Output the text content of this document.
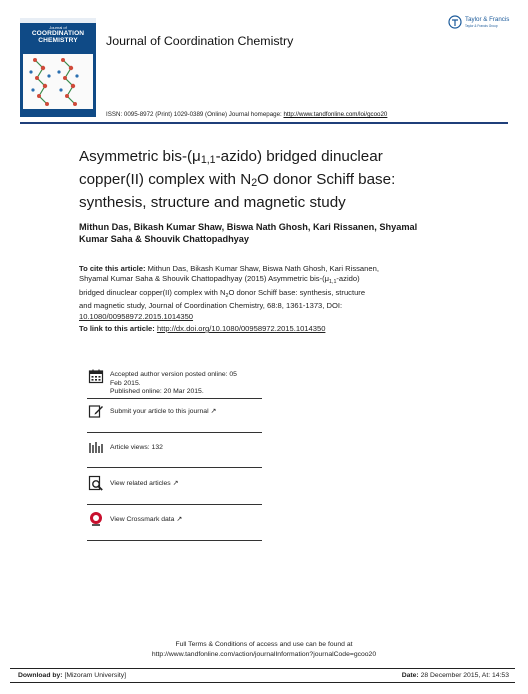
Journal of
COORDINATION
CHEMISTRY	Journal of Coordination Chemistry
Taylor & Francis
Taylor & Francis Group
ISSN: 0095-8972 (Print) 1029-0389 (Online) Journal homepage: http://www.tandfonline.com/loi/gcoo20
Asymmetric bis-$(\mu_{1,1}-azido)$ bridged dinuclear
copper(II) complex with $N_2O$ donor Schiff base:
synthesis, structure and magnetic study
Mithun Das, Bikash Kumar Shaw, Biswa Nath Ghosh, Kari Rissanen, Shyamal
Kumar Saha & Shouvik Chattopadhyay
To cite this article: Mithun Das, Bikash Kumar Shaw, Biswa Nath Ghosh, Kari Rissanen,
Shyamal Kumar Saha & Shouvik Chattopadhyay (2015) Asymmetric bis-$(\mu_{1,1}-azido)$
bridged dinuclear copper(II) complex with $N_2O$ donor Schiff base: synthesis, structure
and magnetic study, Journal of Coordination Chemistry, 68:8, 1361-1373, DOI:
10.1080/00958972.2015.1014350
To link to this article: http://dx.doi.org/10.1080/00958972.2015.1014350
Accepted author version posted online: 05
Feb 2015.
Published online: 20 Mar 2015.
Submit your article to this journal ↗
Article views: 132
View related articles ↗
View Crossmark data ↗
Full Terms & Conditions of access and use can be found at
http://www.tandfonline.com/action/journalInformation?journalCode=gcoo20
Download by: [Mizoram University]	Date: 28 December 2015, At: 14:53
